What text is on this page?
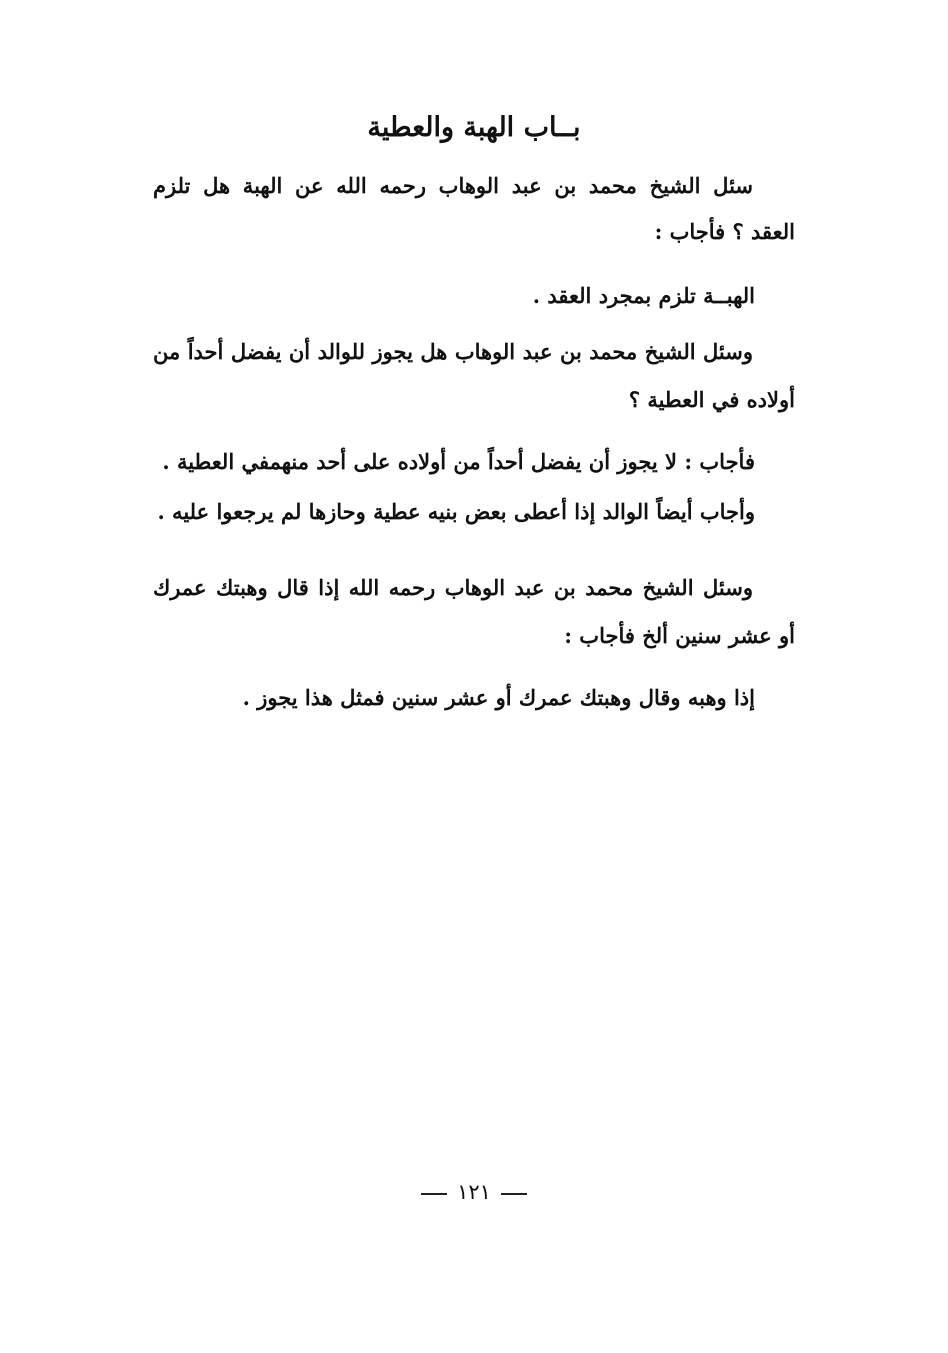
بــاب الهبة والعطية
سئل الشيخ محمد بن عبد الوهاب رحمه الله عن الهبة هل تلزم
العقد ؟ فأجاب :
الهبــة تلزم بمجرد العقد .
وسئل الشيخ محمد بن عبد الوهاب هل يجوز للوالد أن يفضل أحداً من
أولاده في العطية ؟
فأجاب : لا يجوز أن يفضل أحداً من أولاده على أحد منهمفي العطية .
وأجاب أيضاً الوالد إذا أعطى بعض بنيه عطية وحازها لم يرجعوا عليه .
وسئل الشيخ محمد بن عبد الوهاب رحمه الله إذا قال وهبتك عمرك
أو عشر سنين ألخ فأجاب :
إذا وهبه وقال وهبتك عمرك أو عشر سنين فمثل هذا يجوز .
١٢١
